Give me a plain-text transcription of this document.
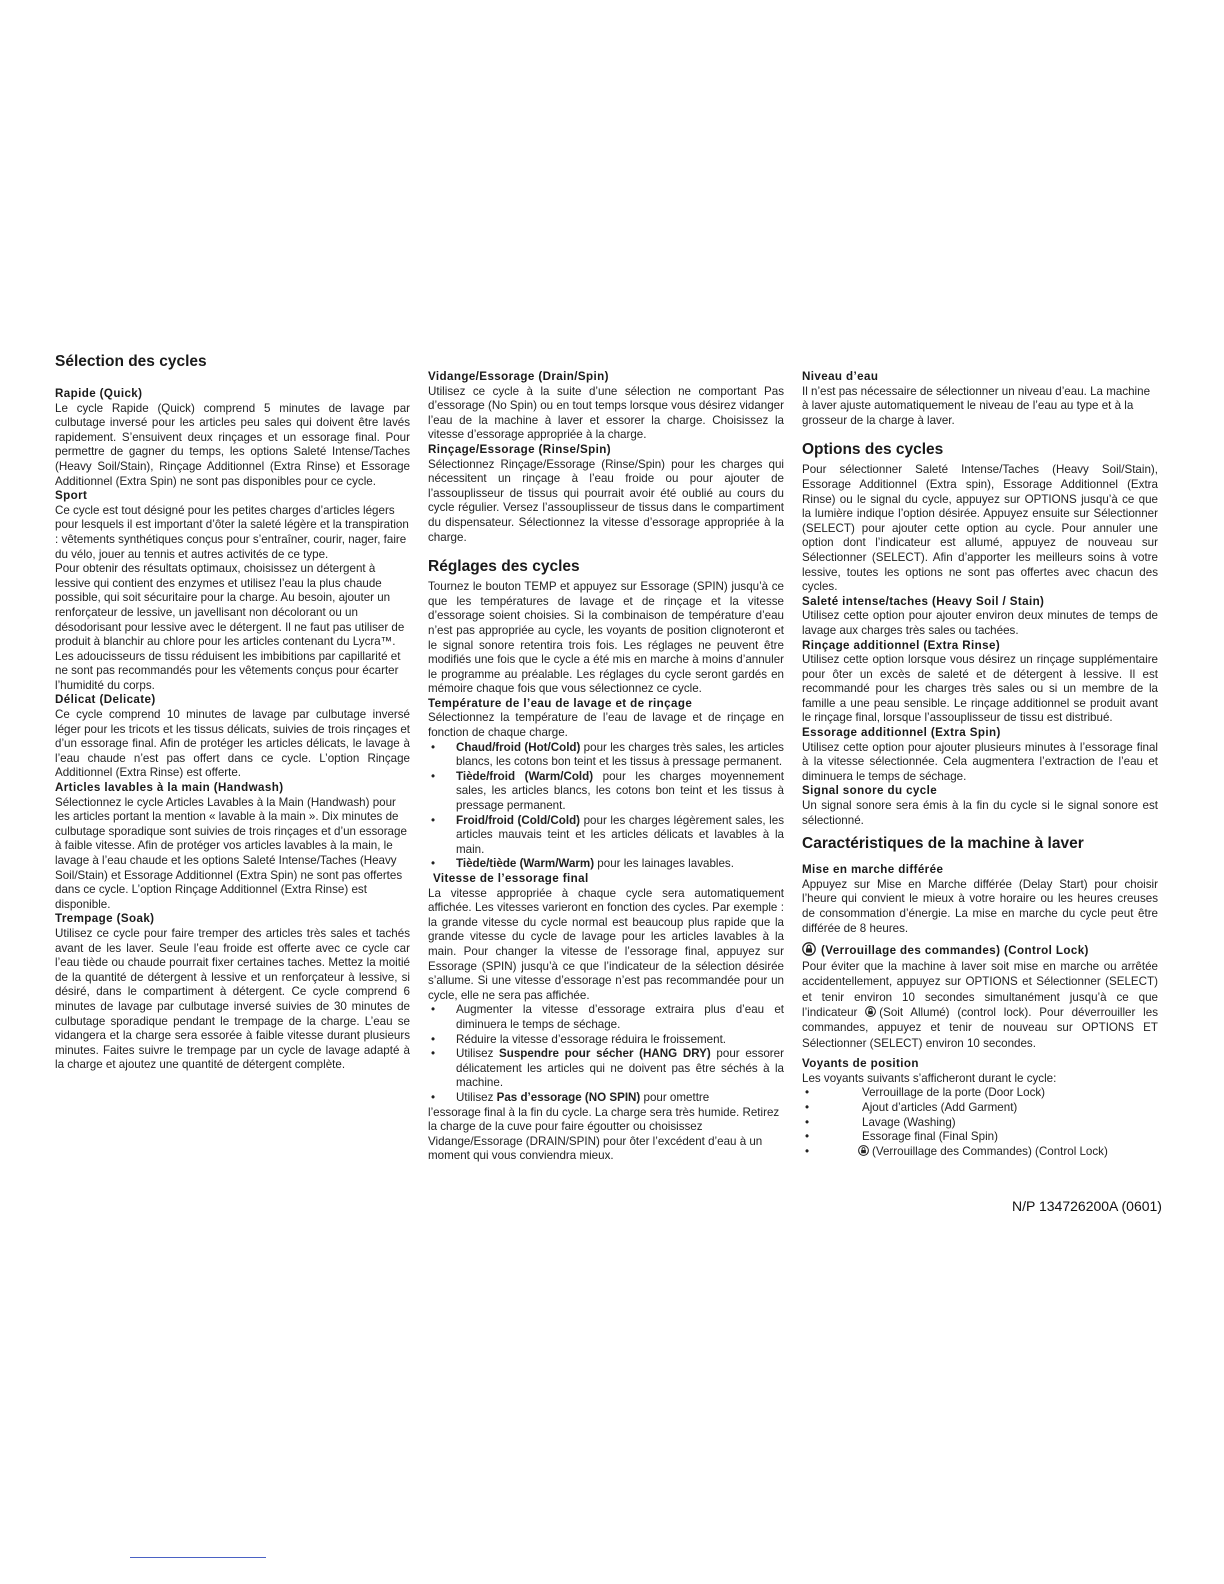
Sélection des cycles
Rapide (Quick)

Le cycle Rapide (Quick) comprend 5 minutes de lavage par culbutage inversé pour les articles peu sales qui doivent être lavés rapidement. S’ensuivent deux rinçages et un essorage final. Pour permettre de gagner du temps, les options Saleté Intense/Taches (Heavy Soil/Stain), Rinçage Additionnel (Extra Rinse) et Essorage Additionnel (Extra Spin) ne sont pas disponibles pour ce cycle.

Sport

Ce cycle est tout désigné pour les petites charges d’articles légers pour lesquels il est important d’ôter la saleté légère et la transpiration : vêtements synthétiques conçus pour s’entraîner, courir, nager, faire du vélo, jouer au tennis et autres activités de ce type.

Pour obtenir des résultats optimaux, choisissez un détergent à lessive qui contient des enzymes et utilisez l’eau la plus chaude possible, qui soit sécuritaire pour la charge. Au besoin, ajouter un renforçateur de lessive, un javellisant non décolorant ou un désodorisant pour lessive avec le détergent. Il ne faut pas utiliser de produit à blanchir au chlore pour les articles contenant du Lycra™. Les adoucisseurs de tissu réduisent les imbibitions par capillarité et ne sont pas recommandés pour les vêtements conçus pour écarter l’humidité du corps.

Délicat (Delicate)

Ce cycle comprend 10 minutes de lavage par culbutage inversé léger pour les tricots et les tissus délicats, suivies de trois rinçages et d’un essorage final. Afin de protéger les articles délicats, le lavage à l’eau chaude n’est pas offert dans ce cycle. L’option Rinçage Additionnel (Extra Rinse) est offerte.

Articles lavables à la main (Handwash)

Sélectionnez le cycle Articles Lavables à la Main (Handwash) pour les articles portant la mention « lavable à la main ». Dix minutes de culbutage sporadique sont suivies de trois rinçages et d’un essorage à faible vitesse. Afin de protéger vos articles lavables à la main, le lavage à l’eau chaude et les options Saleté Intense/Taches (Heavy Soil/Stain) et Essorage Additionnel (Extra Spin) ne sont pas offertes dans ce cycle. L’option Rinçage Additionnel (Extra Rinse) est disponible.

Trempage (Soak)

Utilisez ce cycle pour faire tremper des articles très sales et tachés avant de les laver. Seule l’eau froide est offerte avec ce cycle car l’eau tiède ou chaude pourrait fixer certaines taches. Mettez la moitié de la quantité de détergent à lessive et un renforçateur à lessive, si désiré, dans le compartiment à détergent. Ce cycle comprend 6 minutes de lavage par culbutage inversé suivies de 30 minutes de culbutage sporadique pendant le trempage de la charge. L’eau se vidangera et la charge sera essorée à faible vitesse durant plusieurs minutes. Faites suivre le trempage par un cycle de lavage adapté à la charge et ajoutez une quantité de détergent complète.

Vidange/Essorage (Drain/Spin)

Utilisez ce cycle à la suite d’une sélection ne comportant Pas d’essorage (No Spin) ou en tout temps lorsque vous désirez vidanger l’eau de la machine à laver et essorer la charge. Choisissez la vitesse d’essorage appropriée à la charge.

Rinçage/Essorage (Rinse/Spin)

Sélectionnez Rinçage/Essorage (Rinse/Spin) pour les charges qui nécessitent un rinçage à l’eau froide ou pour ajouter de l’assouplisseur de tissus qui pourrait avoir été oublié au cours du cycle régulier. Versez l’assouplisseur de tissus dans le compartiment du dispensateur. Sélectionnez la vitesse d’essorage appropriée à la charge.

Réglages des cycles

Tournez le bouton TEMP et appuyez sur Essorage (SPIN) jusqu’à ce que les températures de lavage et de rinçage et la vitesse d’essorage soient choisies. Si la combinaison de température d’eau n’est pas appropriée au cycle, les voyants de position clignoteront et le signal sonore retentira trois fois. Les réglages ne peuvent être modifiés une fois que le cycle a été mis en marche à moins d’annuler le programme au préalable. Les réglages du cycle seront gardés en mémoire chaque fois que vous sélectionnez ce cycle.

Température de l’eau de lavage et de rinçage

Sélectionnez la température de l’eau de lavage et de rinçage en fonction de chaque charge.

• Chaud/froid (Hot/Cold) pour les charges très sales, les articles blancs, les cotons bon teint et les tissus à pressage permanent.
• Tiède/froid (Warm/Cold) pour les charges moyennement sales, les articles blancs, les cotons bon teint et les tissus à pressage permanent.
• Froid/froid (Cold/Cold) pour les charges légèrement sales, les articles mauvais teint et les articles délicats et lavables à la main.
• Tiède/tiède (Warm/Warm) pour les lainages lavables.
Vitesse de l’essorage final

La vitesse appropriée à chaque cycle sera automatiquement affichée. Les vitesses varieront en fonction des cycles. Par exemple : la grande vitesse du cycle normal est beaucoup plus rapide que la grande vitesse du cycle de lavage pour les articles lavables à la main. Pour changer la vitesse de l’essorage final, appuyez sur Essorage (SPIN) jusqu’à ce que l’indicateur de la sélection désirée s’allume. Si une vitesse d’essorage n’est pas recommandée pour un cycle, elle ne sera pas affichée.

• Augmenter la vitesse d’essorage extraira plus d’eau et diminuera le temps de séchage.
• Réduire la vitesse d’essorage réduira le froissement.
• Utilisez Suspendre pour sécher (HANG DRY) pour essorer délicatement les articles qui ne doivent pas être séchés à la machine.
• Utilisez Pas d’essorage (NO SPIN) pour omettre

l’essorage final à la fin du cycle. La charge sera très humide. Retirez la charge de la cuve pour faire égoutter ou choisissez Vidange/Essorage (DRAIN/SPIN) pour ôter l’excédent d’eau à un moment qui vous conviendra mieux.

Niveau d’eau

Il n’est pas nécessaire de sélectionner un niveau d’eau. La machine à laver ajuste automatiquement le niveau de l’eau au type et à la grosseur de la charge à laver.

Options des cycles

Pour sélectionner Saleté Intense/Taches (Heavy Soil/Stain), Essorage Additionnel (Extra spin), Essorage Additionnel (Extra Rinse) ou le signal du cycle, appuyez sur OPTIONS jusqu’à ce que la lumière indique l’option désirée. Appuyez ensuite sur Sélectionner (SELECT) pour ajouter cette option au cycle. Pour annuler une option dont l’indicateur est allumé, appuyez de nouveau sur Sélectionner (SELECT). Afin d’apporter les meilleurs soins à votre lessive, toutes les options ne sont pas offertes avec chacun des cycles.

Saleté intense/taches (Heavy Soil / Stain)

Utilisez cette option pour ajouter environ deux minutes de temps de lavage aux charges très sales ou tachées.

Rinçage additionnel (Extra Rinse)

Utilisez cette option lorsque vous désirez un rinçage supplémentaire pour ôter un excès de saleté et de détergent à lessive. Il est recommandé pour les charges très sales ou si un membre de la famille a une peau sensible. Le rinçage additionnel se produit avant le rinçage final, lorsque l’assouplisseur de tissu est distribué.

Essorage additionnel (Extra Spin)

Utilisez cette option pour ajouter plusieurs minutes à l’essorage final à la vitesse sélectionnée. Cela augmentera l’extraction de l’eau et diminuera le temps de séchage.

Signal sonore du cycle

Un signal sonore sera émis à la fin du cycle si le signal sonore est sélectionné.

Caractéristiques de la machine à laver
Mise en marche différée

Appuyez sur Mise en Marche différée (Delay Start) pour choisir l’heure qui convient le mieux à votre horaire ou les heures creuses de consommation d’énergie. La mise en marche du cycle peut être différée de 8 heures.

(Verrouillage des commandes) (Control Lock)

Pour éviter que la machine à laver soit mise en marche ou arrêtée accidentellement, appuyez sur OPTIONS et Sélectionner (SELECT) et tenir environ 10 secondes simultanément jusqu’à ce que l’indicateur (Soit Allumé) (control lock). Pour déverrouiller les commandes, appuyez et tenir de nouveau sur OPTIONS ET Sélectionner (SELECT) environ 10 secondes.

Voyants de position

Les voyants suivants s’afficheront durant le cycle:

• Verrouillage de la porte (Door Lock)
• Ajout d’articles (Add Garment)
• Lavage (Washing)
• Essorage final (Final Spin)
• (Verrouillage des Commandes) (Control Lock)
N/P 134726200A (0601)
